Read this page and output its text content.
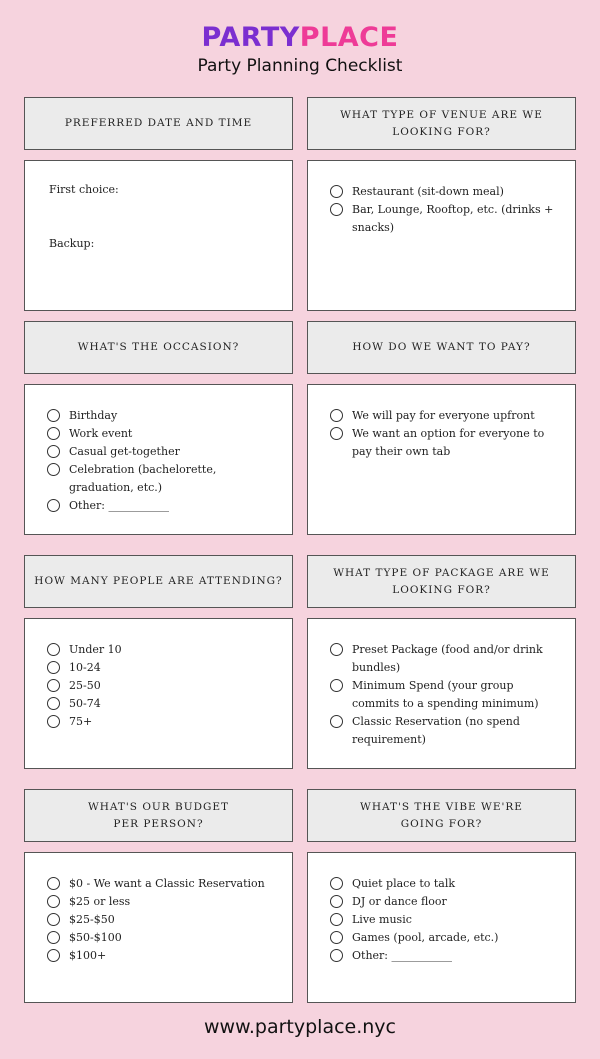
PARTYPLACE
Party Planning Checklist
PREFERRED DATE AND TIME
First choice:
Backup:
WHAT TYPE OF VENUE ARE WE LOOKING FOR?
Restaurant (sit-down meal)
Bar, Lounge, Rooftop, etc. (drinks + snacks)
WHAT'S THE OCCASION?
Birthday
Work event
Casual get-together
Celebration (bachelorette, graduation, etc.)
Other: ___________
HOW DO WE WANT TO PAY?
We will pay for everyone upfront
We want an option for everyone to pay their own tab
HOW MANY PEOPLE ARE ATTENDING?
Under 10
10-24
25-50
50-74
75+
WHAT TYPE OF PACKAGE ARE WE LOOKING FOR?
Preset Package (food and/or drink bundles)
Minimum Spend (your group commits to a spending minimum)
Classic Reservation (no spend requirement)
WHAT'S OUR BUDGET
PER PERSON?
$0 - We want a Classic Reservation
$25 or less
$25-$50
$50-$100
$100+
WHAT'S THE VIBE WE'RE
GOING FOR?
Quiet place to talk
DJ or dance floor
Live music
Games (pool, arcade, etc.)
Other: ___________
www.partyplace.nyc
